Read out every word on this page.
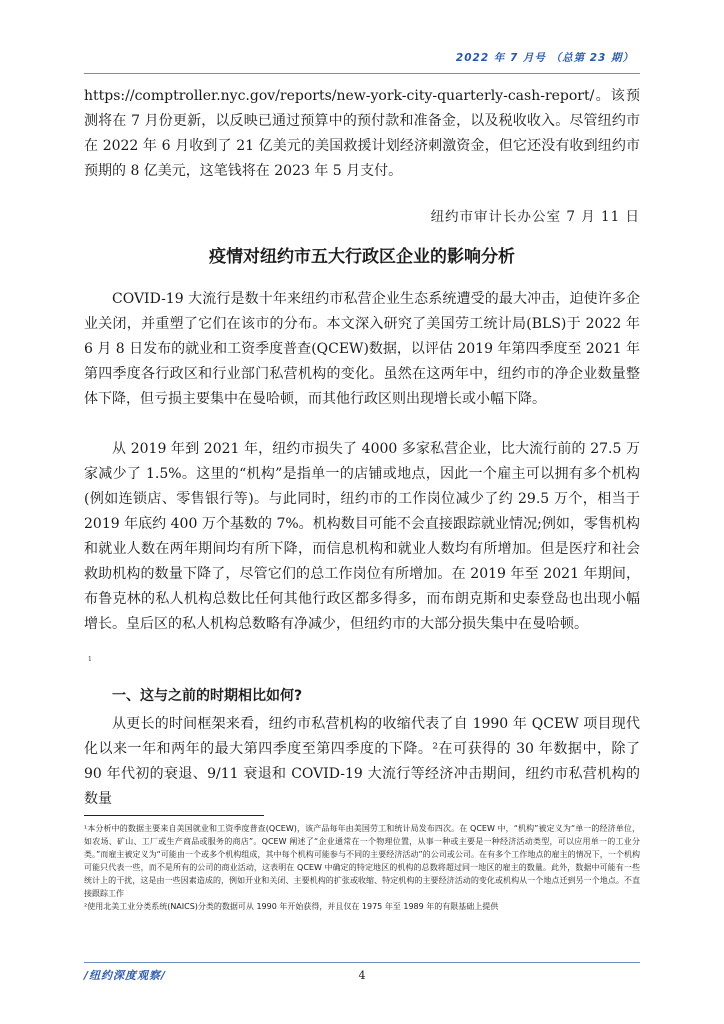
2022 年 7 月号 （总第 23 期）

https://comptroller.nyc.gov/reports/new-york-city-quarterly-cash-report/。该预测将在 7 月份更新，以反映已通过预算中的预付款和准备金，以及税收收入。尽管纽约市在 2022 年 6 月收到了 21 亿美元的美国救援计划经济刺激资金，但它还没有收到纽约市预期的 8 亿美元，这笔钱将在 2023 年 5 月支付。

纽约市审计长办公室 7 月 11 日

疫情对纽约市五大行政区企业的影响分析

COVID-19 大流行是数十年来纽约市私营企业生态系统遭受的最大冲击，迫使许多企业关闭，并重塑了它们在该市的分布。本文深入研究了美国劳工统计局(BLS)于 2022 年 6 月 8 日发布的就业和工资季度普查(QCEW)数据，以评估 2019 年第四季度至 2021 年第四季度各行政区和行业部门私营机构的变化。虽然在这两年中，纽约市的净企业数量整体下降，但亏损主要集中在曼哈顿，而其他行政区则出现增长或小幅下降。

从 2019 年到 2021 年，纽约市损失了 4000 多家私营企业，比大流行前的 27.5 万家减少了 1.5%。这里的“机构”是指单一的店铺或地点，因此一个雇主可以拥有多个机构(例如连锁店、零售银行等)。与此同时，纽约市的工作岗位减少了约 29.5 万个，相当于 2019 年底约 400 万个基数的 7%。机构数目可能不会直接跟踪就业情况;例如，零售机构和就业人数在两年期间均有所下降，而信息机构和就业人数均有所增加。但是医疗和社会救助机构的数量下降了，尽管它们的总工作岗位有所增加。在 2019 年至 2021 年期间，布鲁克林的私人机构总数比任何其他行政区都多得多，而布朗克斯和史泰登岛也出现小幅增长。皇后区的私人机构总数略有净减少，但纽约市的大部分损失集中在曼哈顿。

1
一、这与之前的时期相比如何?

从更长的时间框架来看，纽约市私营机构的收缩代表了自 1990 年 QCEW 项目现代化以来一年和两年的最大第四季度至第四季度的下降。²在可获得的 30 年数据中，除了 90 年代初的衰退、9/11 衰退和 COVID-19 大流行等经济冲击期间，纽约市私营机构的数量

¹本分析中的数据主要来自美国就业和工资季度普查(QCEW)，该产品每年由美国劳工和统计局发布四次。在 QCEW 中，“机构”被定义为“单一的经济单位，如农场、矿山、工厂或生产商品或服务的商店”。QCEW 阐述了“企业通常在一个物理位置，从事一种或主要是一种经济活动类型，可以应用单一的工业分类。”而雇主被定义为“可能由一个或多个机构组成，其中每个机构可能参与不同的主要经济活动”的公司或公司。在有多个工作地点的雇主的情况下，一个机构可能只代表一些，而不是所有的公司的商业活动，这表明在 QCEW 中确定的特定地区的机构的总数将超过同一地区的雇主的数量。此外，数据中可能有一些统计上的干扰，这是由一些因素造成的，例如开业和关闭、主要机构的扩张或收缩、特定机构的主要经济活动的变化或机构从一个地点迁到另一个地点。不直接跟踪工作

²使用北美工业分类系统(NAICS)分类的数据可从 1990 年开始获得，并且仅在 1975 年至 1989 年的有限基础上提供

/纽约深度观察/	4
